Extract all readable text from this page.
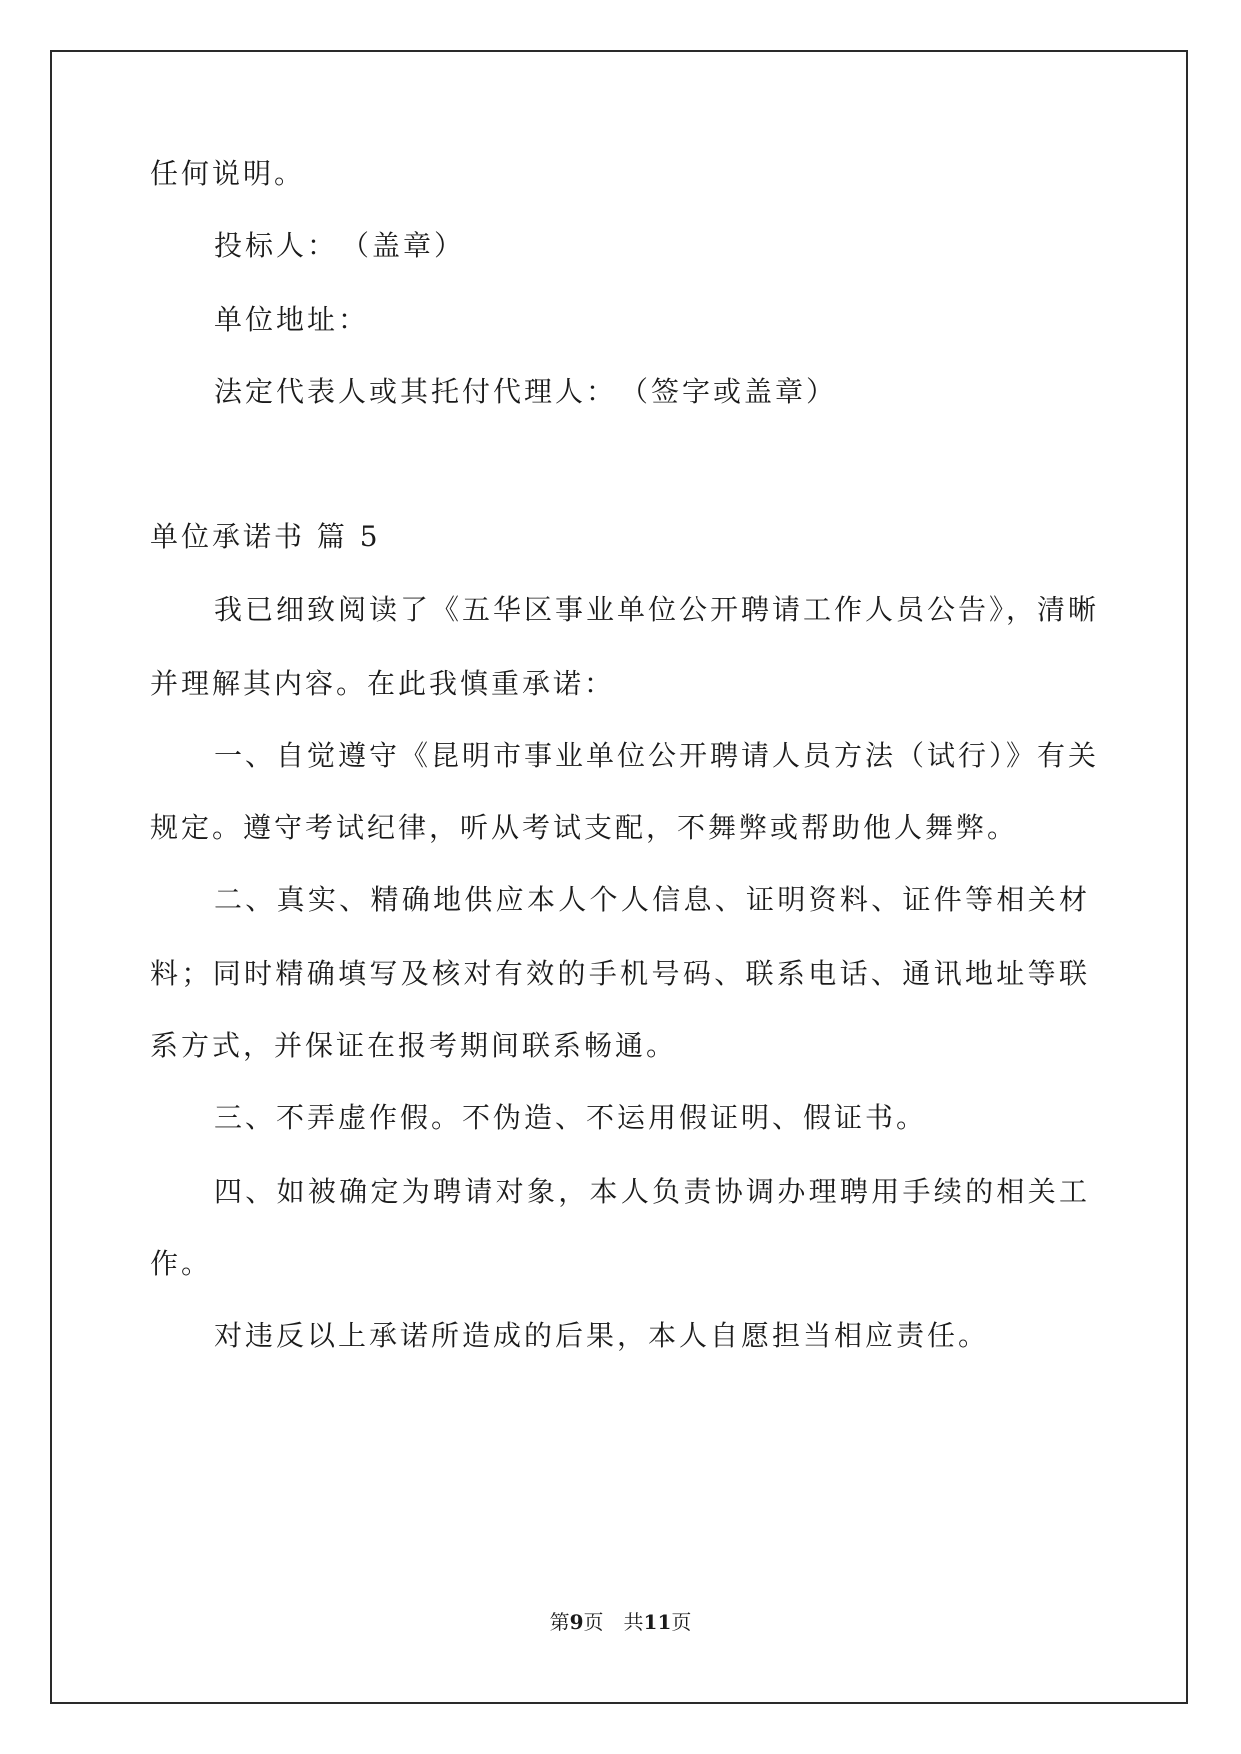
任何说明。
投标人：　（盖章）
单位地址：
法定代表人或其托付代理人：　（签字或盖章）
单位承诺书 篇 5
我已细致阅读了《五华区事业单位公开聘请工作人员公告》，清晰
并理解其内容。在此我慎重承诺：
一、自觉遵守《昆明市事业单位公开聘请人员方法（试行）》有关
规定。遵守考试纪律，听从考试支配，不舞弊或帮助他人舞弊。
二、真实、精确地供应本人个人信息、证明资料、证件等相关材
料；同时精确填写及核对有效的手机号码、联系电话、通讯地址等联
系方式，并保证在报考期间联系畅通。
三、不弄虚作假。不伪造、不运用假证明、假证书。
四、如被确定为聘请对象，本人负责协调办理聘用手续的相关工
作。
对违反以上承诺所造成的后果，本人自愿担当相应责任。
第9页　共11页
